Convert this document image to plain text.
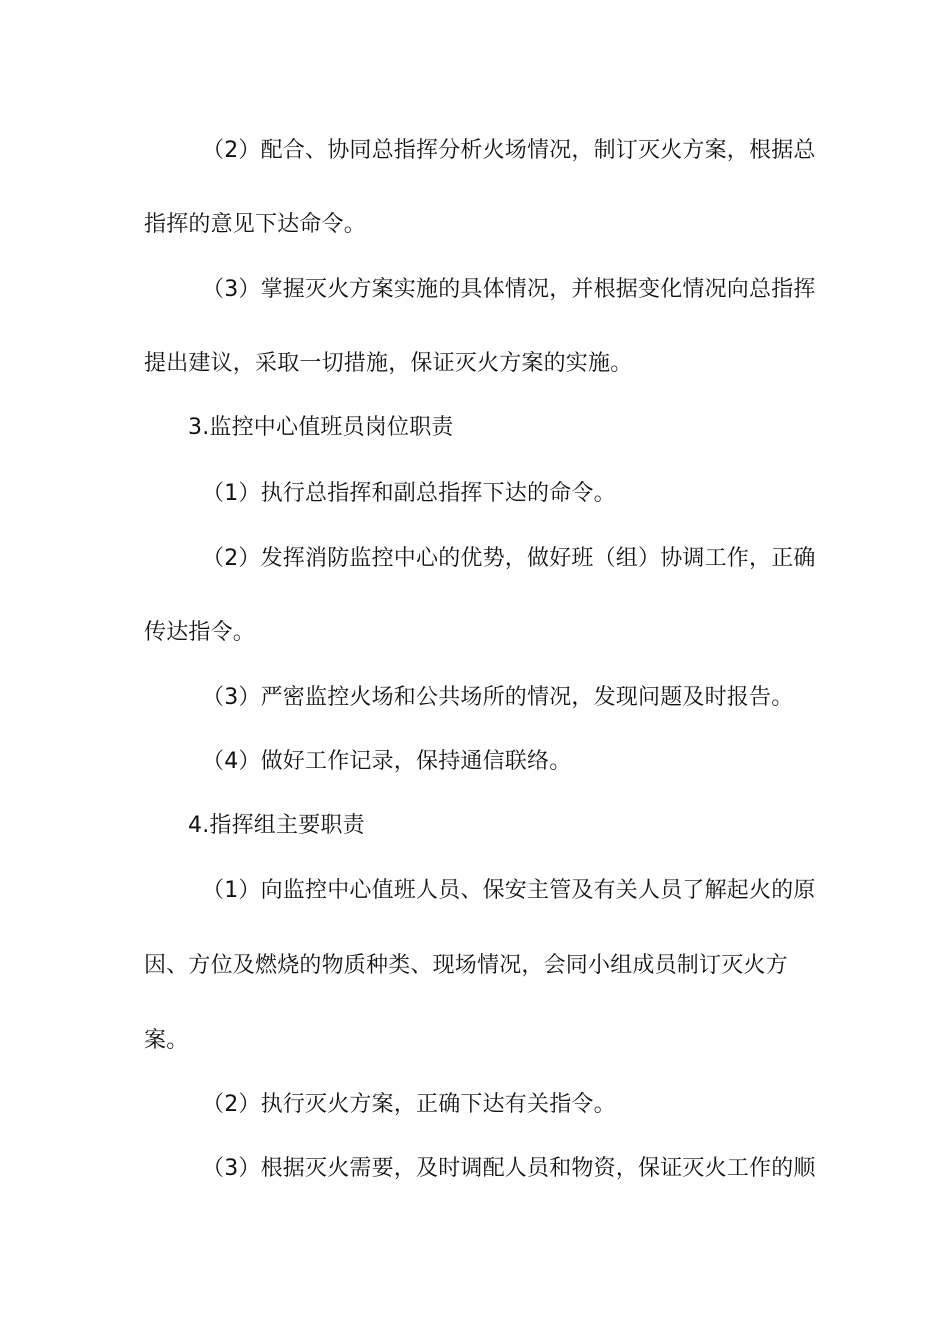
（2）配合、协同总指挥分析火场情况，制订灭火方案，根据总
指挥的意见下达命令。
（3）掌握灭火方案实施的具体情况，并根据变化情况向总指挥
提出建议，采取一切措施，保证灭火方案的实施。
3.监控中心值班员岗位职责
（1）执行总指挥和副总指挥下达的命令。
（2）发挥消防监控中心的优势，做好班（组）协调工作，正确
传达指令。
（3）严密监控火场和公共场所的情况，发现问题及时报告。
（4）做好工作记录，保持通信联络。
4.指挥组主要职责
（1）向监控中心值班人员、保安主管及有关人员了解起火的原
因、方位及燃烧的物质种类、现场情况，会同小组成员制订灭火方
案。
（2）执行灭火方案，正确下达有关指令。
（3）根据灭火需要，及时调配人员和物资，保证灭火工作的顺
